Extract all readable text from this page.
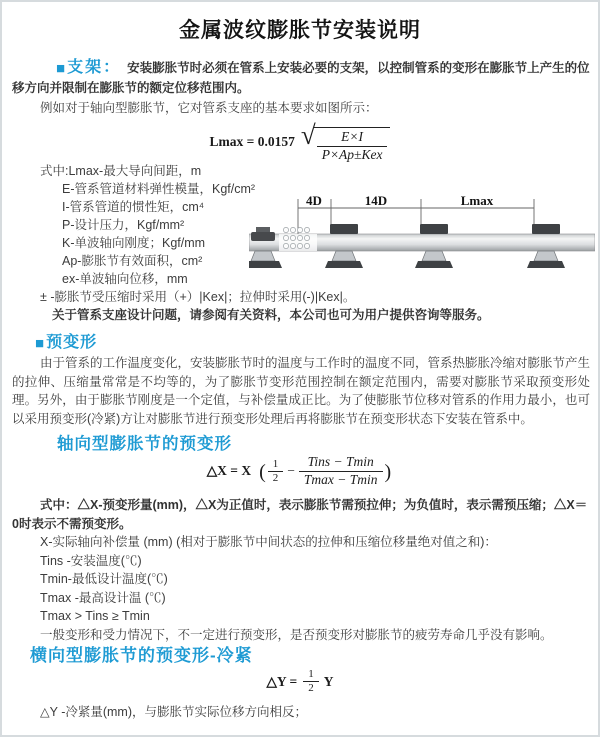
金属波纹膨胀节安装说明

■ 支架： 安装膨胀节时必须在管系上安装必要的支架，以控制管系的变形在膨胀节上产生的位移方向并限制在膨胀节的额定位移范围内。

例如对于轴向型膨胀节，它对管系支座的基本要求如图所示：

Lmax = 0.0157 √ $\frac{E\times I}{\text{P×Ap±Kex}}$
式中:Lmax-最大导向间距，m
E-管系管道材料弹性模量，Kgf/cm²
I-管系管道的惯性矩，cm⁴
P-设计压力，Kgf/mm²
K-单波轴向刚度；Kgf/mm
Ap-膨胀节有效面积，cm²
ex-单波轴向位移，mm
± -膨胀节受压缩时采用（+）|Kex|；拉伸时采用(-)|Kex|。
关于管系支座设计问题，请参阅有关资料，本公司也可为用户提供咨询等服务。
4D	14D	Lmax

■ 预变形

由于管系的工作温度变化，安装膨胀节时的温度与工作时的温度不同，管系热膨胀冷缩对膨胀节产生的拉伸、压缩量常常是不均等的，为了膨胀节变形范围控制在额定范围内，需要对膨胀节采取预变形处理。另外，由于膨胀节刚度是一个定值，与补偿量成正比。为了使膨胀节位移对管系的作用力最小，也可以采用预变形(冷紧)方让对膨胀节进行预变形处理后再将膨胀节在预变形状态下安装在管系中。

轴向型膨胀节的预变形
△X = X ( $\frac{1}{2} - \frac{\text{Tins − Tmin}}{Tmax - Tmin}$ )

式中：△X-预变形量(mm)，△X为正值时，表示膨胀节需预拉伸；为负值时，表示需预压缩；△X＝0时表示不需预变形。

X-实际轴向补偿量 (mm) (相对于膨胀节中间状态的拉伸和压缩位移量绝对值之和)：
Tins -安装温度(℃)
Tmin-最低设计温度(℃)
Tmax -最高设计温 (℃)
Tmax > Tins ≥ Tmin
一般变形和受力情况下，不一定进行预变形，是否预变形对膨胀节的疲劳寿命几乎没有影响。
横向型膨胀节的预变形-冷紧
△Y = $\frac{1}{2}$ Y

△Y -冷紧量(mm)，与膨胀节实际位移方向相反；
